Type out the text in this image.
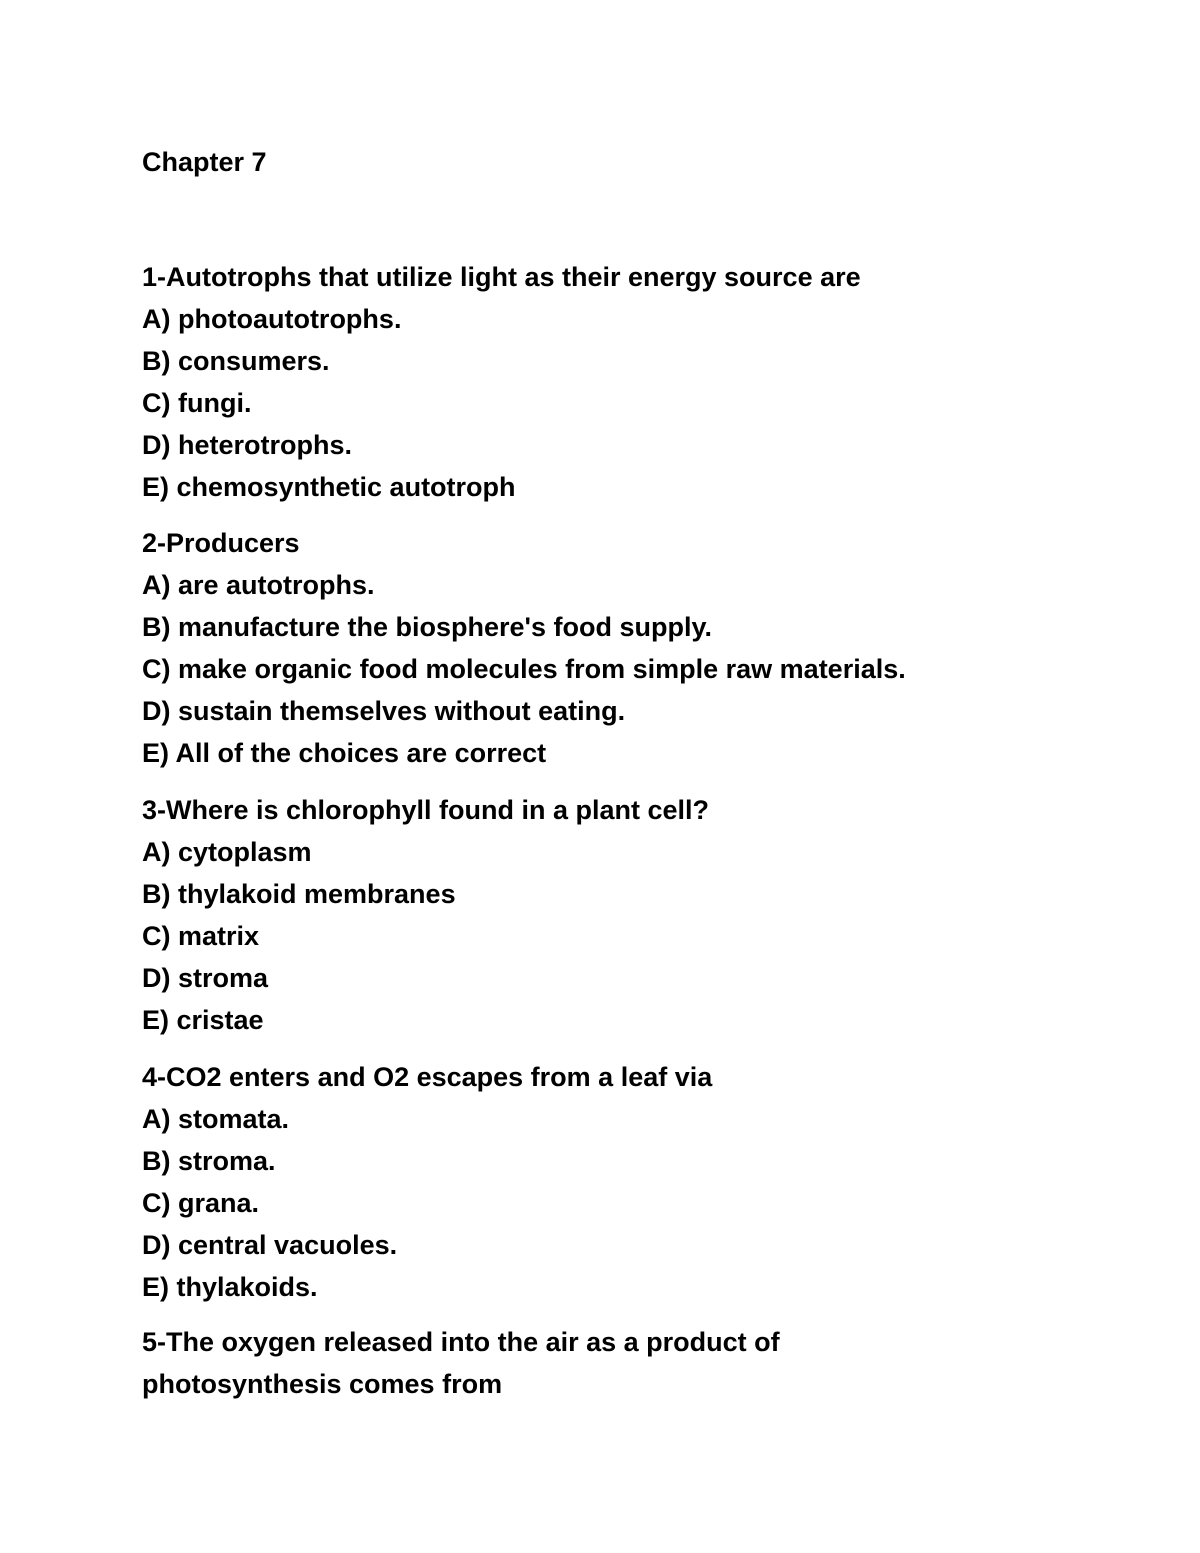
Chapter 7

1-Autotrophs that utilize light as their energy source are

A) photoautotrophs.
B) consumers.
C) fungi.
D) heterotrophs.
E) chemosynthetic autotroph

2-Producers

A) are autotrophs.
B) manufacture the biosphere's food supply.
C) make organic food molecules from simple raw materials.
D) sustain themselves without eating.
E) All of the choices are correct

3-Where is chlorophyll found in a plant cell?

A) cytoplasm
B) thylakoid membranes
C) matrix
D) stroma
E) cristae

4-CO2 enters and O2 escapes from a leaf via

A) stomata.
B) stroma.
C) grana.
D) central vacuoles.
E) thylakoids.

5-The oxygen released into the air as a product of

photosynthesis comes from
